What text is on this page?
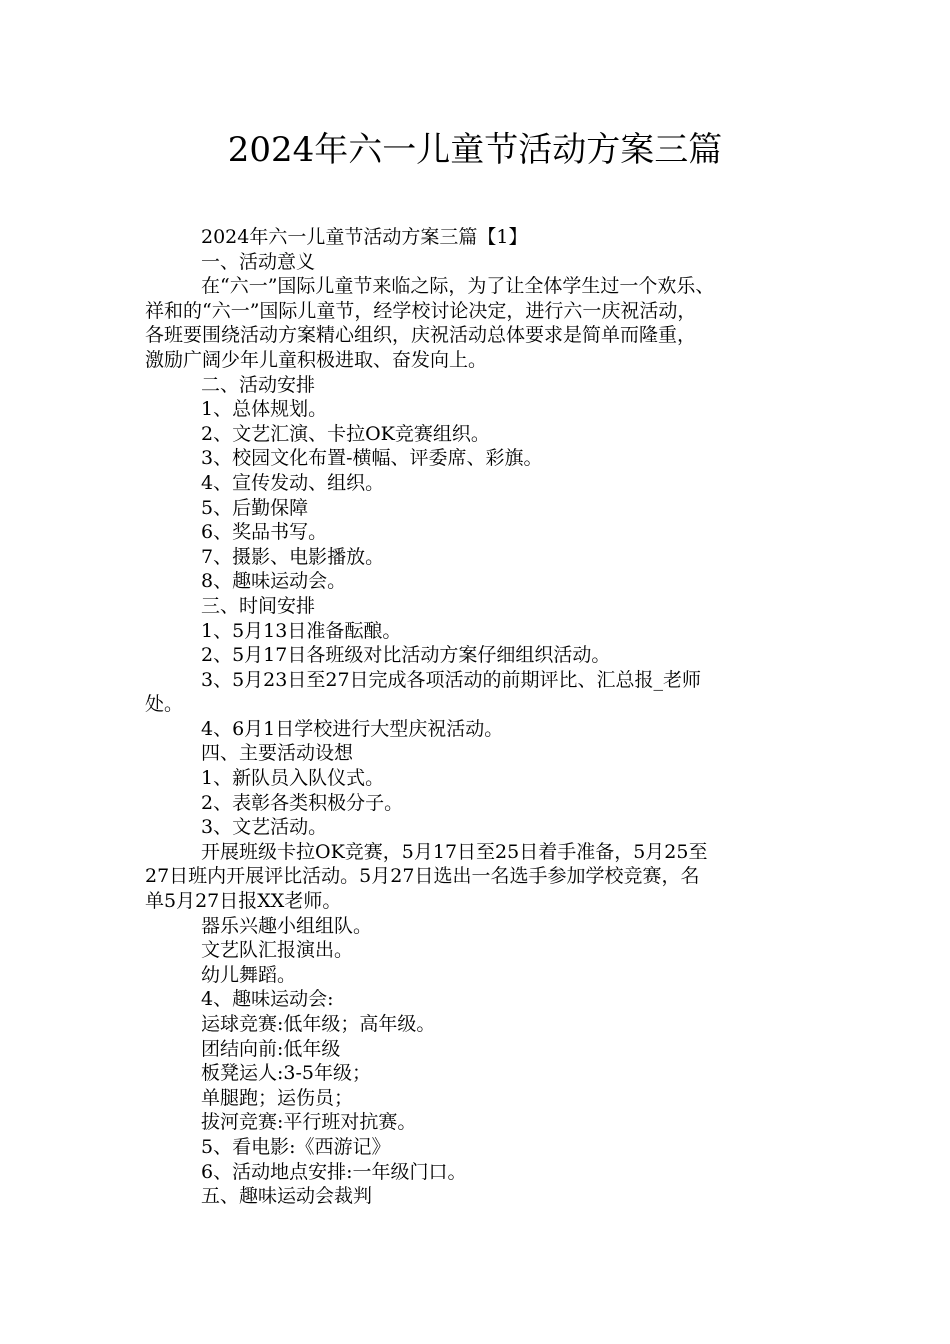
2024年六一儿童节活动方案三篇

2024年六一儿童节活动方案三篇【1】

一、活动意义

在“六一”国际儿童节来临之际，为了让全体学生过一个欢乐、

祥和的“六一”国际儿童节，经学校讨论决定，进行六一庆祝活动，

各班要围绕活动方案精心组织，庆祝活动总体要求是简单而隆重，

激励广阔少年儿童积极进取、奋发向上。

二、活动安排

1、总体规划。

2、文艺汇演、卡拉OK竞赛组织。

3、校园文化布置-横幅、评委席、彩旗。

4、宣传发动、组织。

5、后勤保障

6、奖品书写。

7、摄影、电影播放。

8、趣味运动会。

三、时间安排

1、5月13日准备酝酿。

2、5月17日各班级对比活动方案仔细组织活动。

3、5月23日至27日完成各项活动的前期评比、汇总报_老师

处。

4、6月1日学校进行大型庆祝活动。

四、主要活动设想

1、新队员入队仪式。

2、表彰各类积极分子。

3、文艺活动。

开展班级卡拉OK竞赛，5月17日至25日着手准备，5月25至

27日班内开展评比活动。5月27日选出一名选手参加学校竞赛，名

单5月27日报XX老师。

器乐兴趣小组组队。

文艺队汇报演出。

幼儿舞蹈。

4、趣味运动会:

运球竞赛:低年级；高年级。

团结向前:低年级

板凳运人:3-5年级；

单腿跑；运伤员；

拔河竞赛:平行班对抗赛。

5、看电影:《西游记》

6、活动地点安排:一年级门口。

五、趣味运动会裁判
